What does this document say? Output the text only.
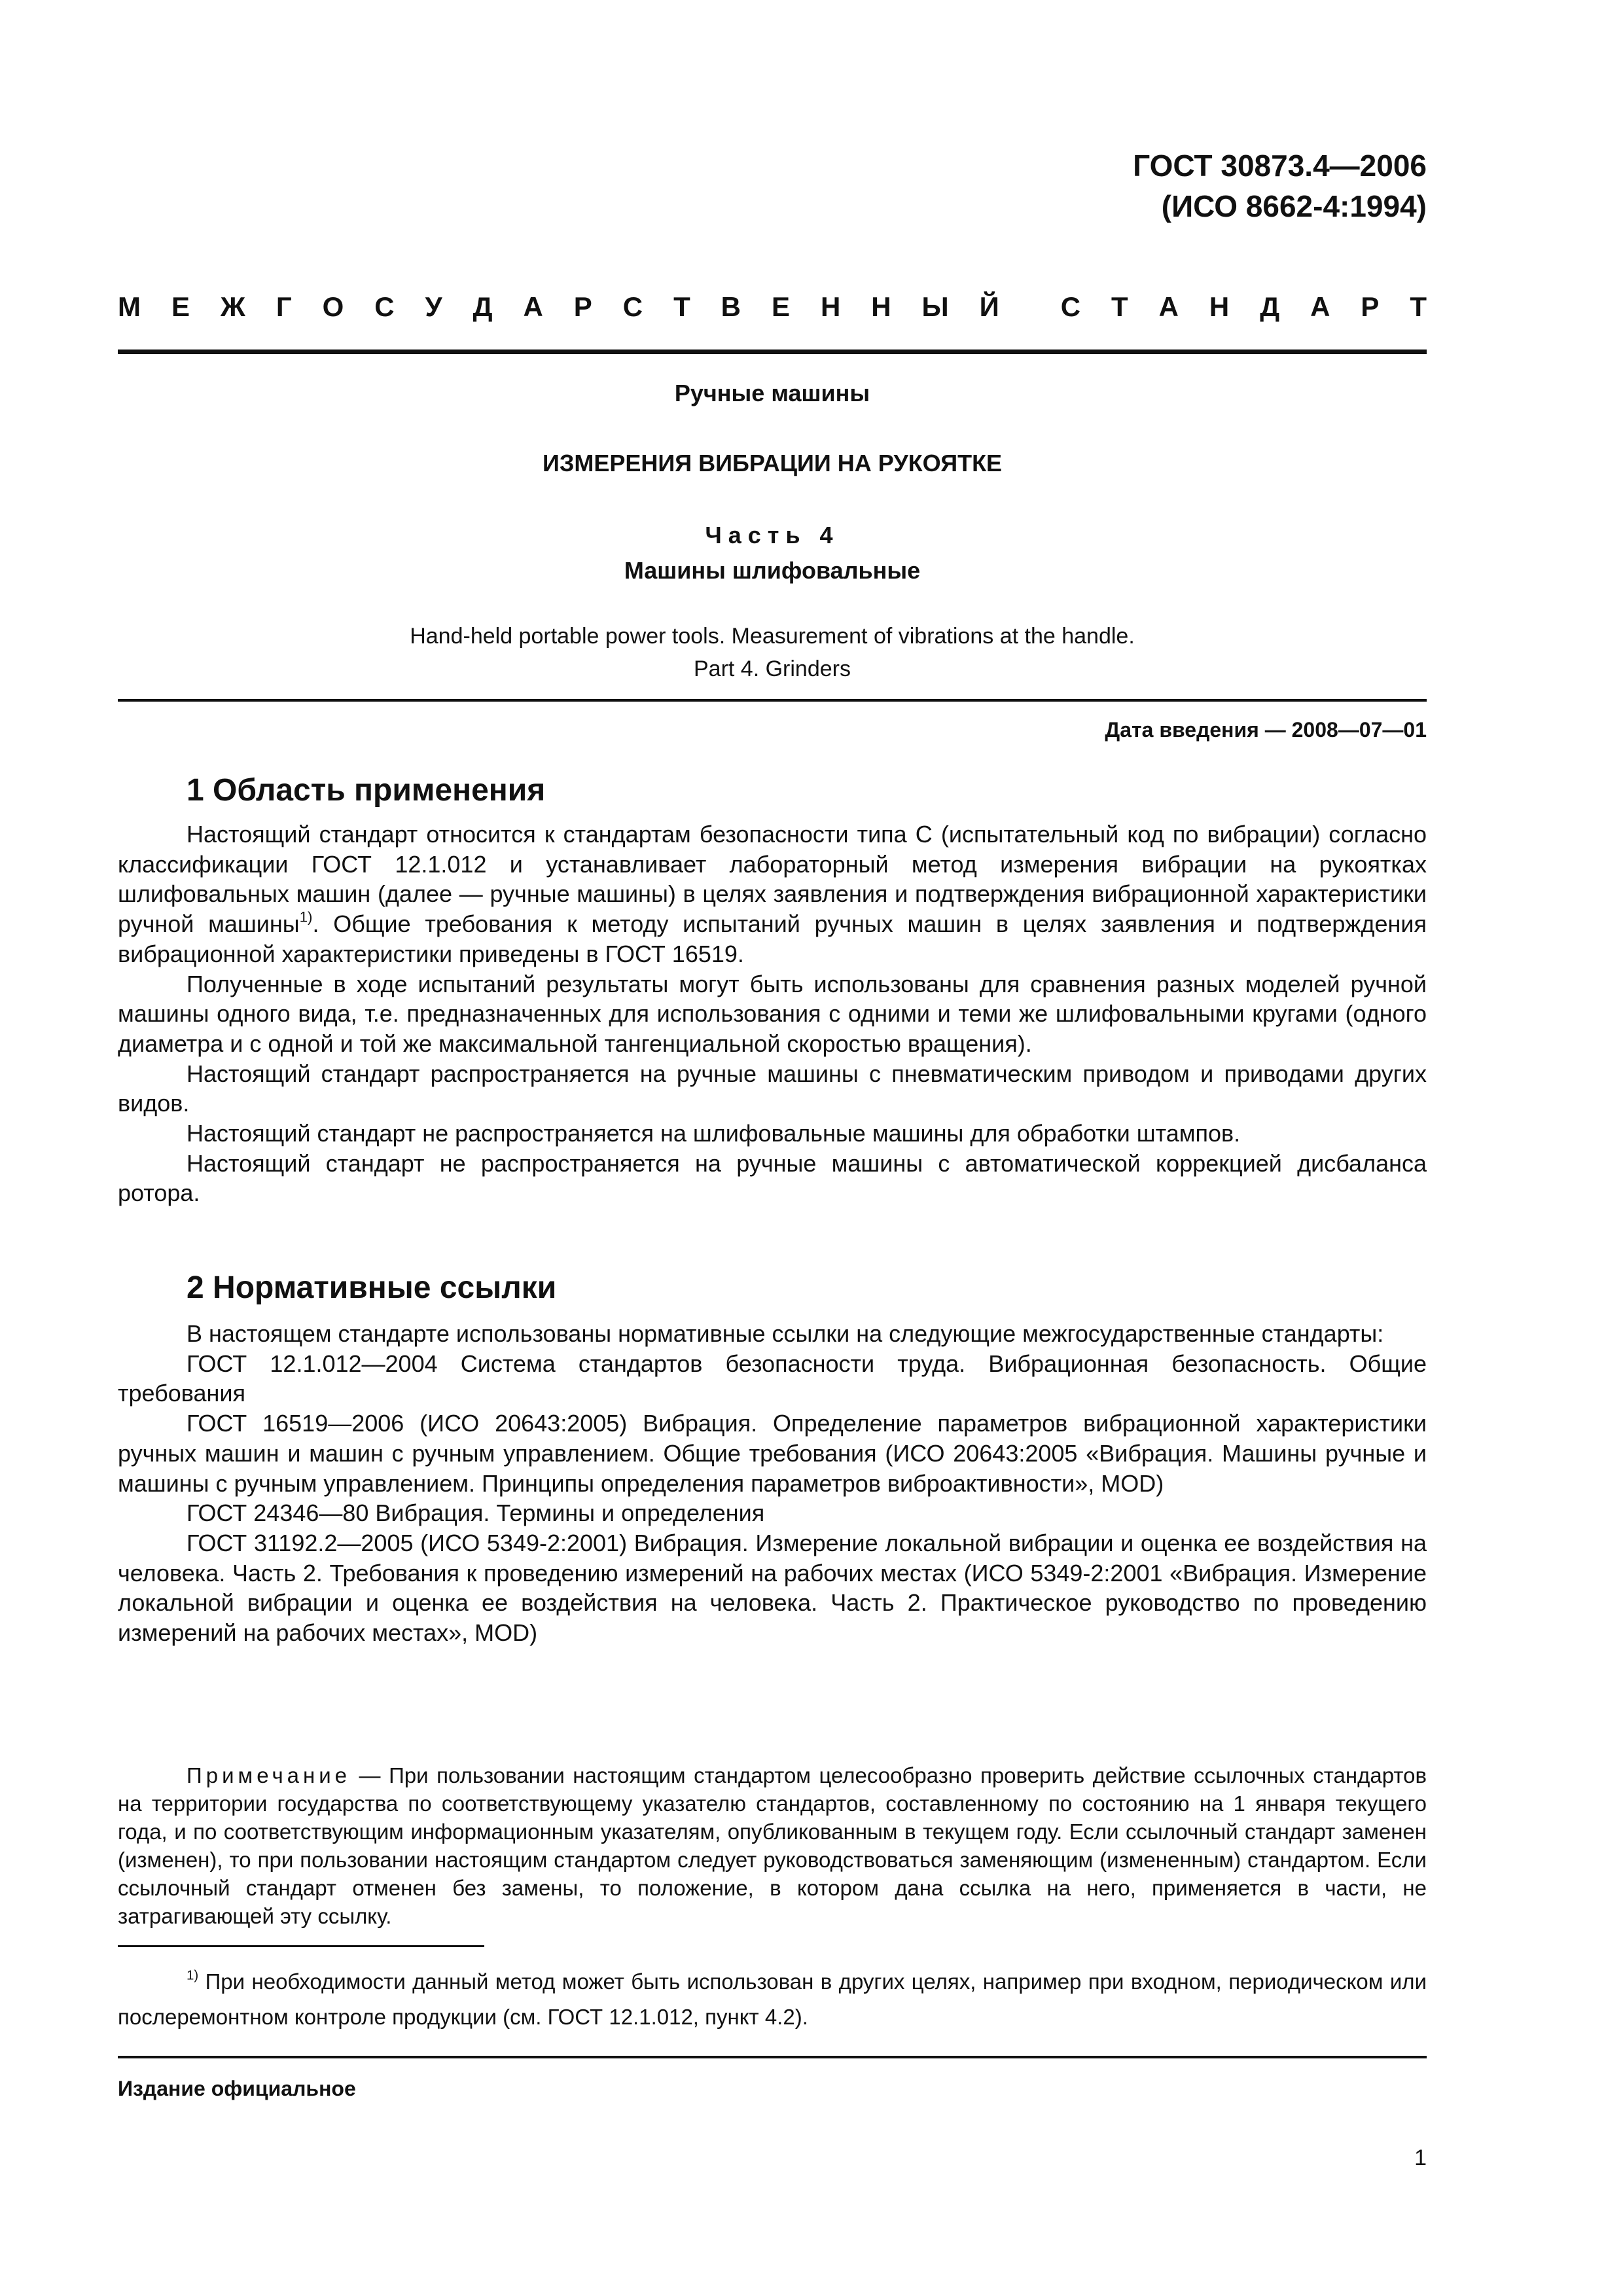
ГОСТ 30873.4—2006
(ИСО 8662-4:1994)
М Е Ж Г О С У Д А Р С Т В Е Н Н Ы Й С Т А Н Д А Р Т
Ручные машины
ИЗМЕРЕНИЯ ВИБРАЦИИ НА РУКОЯТКЕ
Часть 4
Машины шлифовальные
Hand-held portable power tools. Measurement of vibrations at the handle.
Part 4. Grinders
Дата введения — 2008—07—01
1 Область применения

Настоящий стандарт относится к стандартам безопасности типа С (испытательный код по вибрации) согласно классификации ГОСТ 12.1.012 и устанавливает лабораторный метод измерения вибрации на рукоятках шлифовальных машин (далее — ручные машины) в целях заявления и подтверждения вибрационной характеристики ручной машины$^{1)}$. Общие требования к методу испытаний ручных машин в целях заявления и подтверждения вибрационной характеристики приведены в ГОСТ 16519.

Полученные в ходе испытаний результаты могут быть использованы для сравнения разных моделей ручной машины одного вида, т.е. предназначенных для использования с одними и теми же шлифовальными кругами (одного диаметра и с одной и той же максимальной тангенциальной скоростью вращения).

Настоящий стандарт распространяется на ручные машины с пневматическим приводом и приводами других видов.

Настоящий стандарт не распространяется на шлифовальные машины для обработки штампов.

Настоящий стандарт не распространяется на ручные машины с автоматической коррекцией дисбаланса ротора.

2 Нормативные ссылки

В настоящем стандарте использованы нормативные ссылки на следующие межгосударственные стандарты:

ГОСТ 12.1.012—2004 Система стандартов безопасности труда. Вибрационная безопасность. Общие требования

ГОСТ 16519—2006 (ИСО 20643:2005) Вибрация. Определение параметров вибрационной характеристики ручных машин и машин с ручным управлением. Общие требования (ИСО 20643:2005 «Вибрация. Машины ручные и машины с ручным управлением. Принципы определения параметров виброактивности», MOD)

ГОСТ 24346—80 Вибрация. Термины и определения

ГОСТ 31192.2—2005 (ИСО 5349-2:2001) Вибрация. Измерение локальной вибрации и оценка ее воздействия на человека. Часть 2. Требования к проведению измерений на рабочих местах (ИСО 5349-2:2001 «Вибрация. Измерение локальной вибрации и оценка ее воздействия на человека. Часть 2. Практическое руководство по проведению измерений на рабочих местах», MOD)

Примечание — При пользовании настоящим стандартом целесообразно проверить действие ссылочных стандартов на территории государства по соответствующему указателю стандартов, составленному по состоянию на 1 января текущего года, и по соответствующим информационным указателям, опубликованным в текущем году. Если ссылочный стандарт заменен (изменен), то при пользовании настоящим стандартом следует руководствоваться заменяющим (измененным) стандартом. Если ссылочный стандарт отменен без замены, то положение, в котором дана ссылка на него, применяется в части, не затрагивающей эту ссылку.

$^{1)}$ При необходимости данный метод может быть использован в других целях, например при входном, периодическом или послеремонтном контроле продукции (см. ГОСТ 12.1.012, пункт 4.2).

Издание официальное
1
